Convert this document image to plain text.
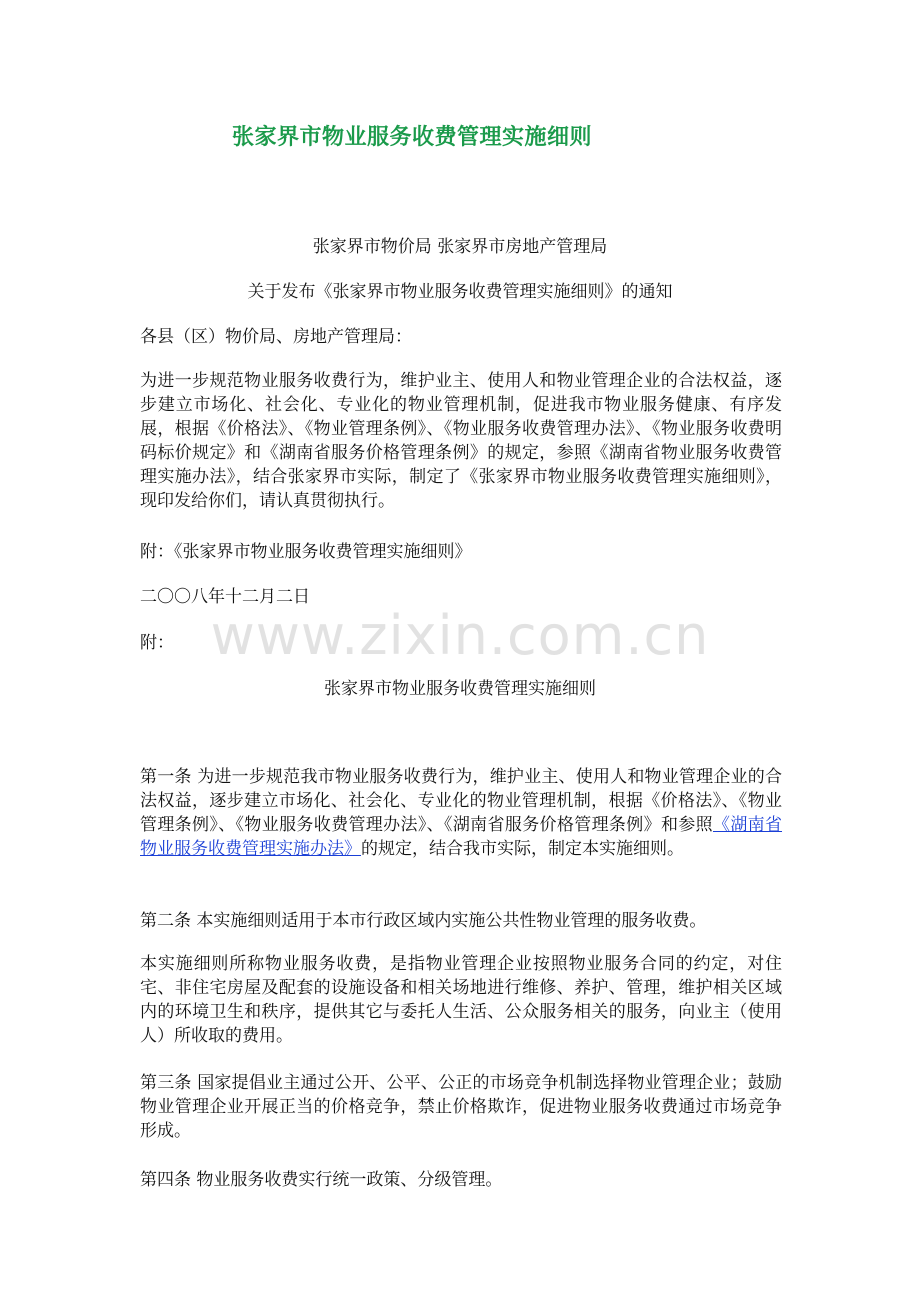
张家界市物业服务收费管理实施细则
张家界市物价局 张家界市房地产管理局
关于发布《张家界市物业服务收费管理实施细则》的通知
各县（区）物价局、房地产管理局：
为进一步规范物业服务收费行为，维护业主、使用人和物业管理企业的合法权益，逐步建立市场化、社会化、专业化的物业管理机制，促进我市物业服务健康、有序发展，根据《价格法》、《物业管理条例》、《物业服务收费管理办法》、《物业服务收费明码标价规定》和《湖南省服务价格管理条例》的规定，参照《湖南省物业服务收费管理实施办法》，结合张家界市实际，制定了《张家界市物业服务收费管理实施细则》，现印发给你们，请认真贯彻执行。
附：《张家界市物业服务收费管理实施细则》
二〇〇八年十二月二日
附：
张家界市物业服务收费管理实施细则
第一条 为进一步规范我市物业服务收费行为，维护业主、使用人和物业管理企业的合法权益，逐步建立市场化、社会化、专业化的物业管理机制，根据《价格法》、《物业管理条例》、《物业服务收费管理办法》、《湖南省服务价格管理条例》和参照《湖南省物业服务收费管理实施办法》的规定，结合我市实际，制定本实施细则。
第二条 本实施细则适用于本市行政区域内实施公共性物业管理的服务收费。
本实施细则所称物业服务收费，是指物业管理企业按照物业服务合同的约定，对住宅、非住宅房屋及配套的设施设备和相关场地进行维修、养护、管理，维护相关区域内的环境卫生和秩序，提供其它与委托人生活、公众服务相关的服务，向业主（使用人）所收取的费用。
第三条 国家提倡业主通过公开、公平、公正的市场竞争机制选择物业管理企业；鼓励物业管理企业开展正当的价格竞争，禁止价格欺诈，促进物业服务收费通过市场竞争形成。
第四条 物业服务收费实行统一政策、分级管理。
www.zixin.com.cn
